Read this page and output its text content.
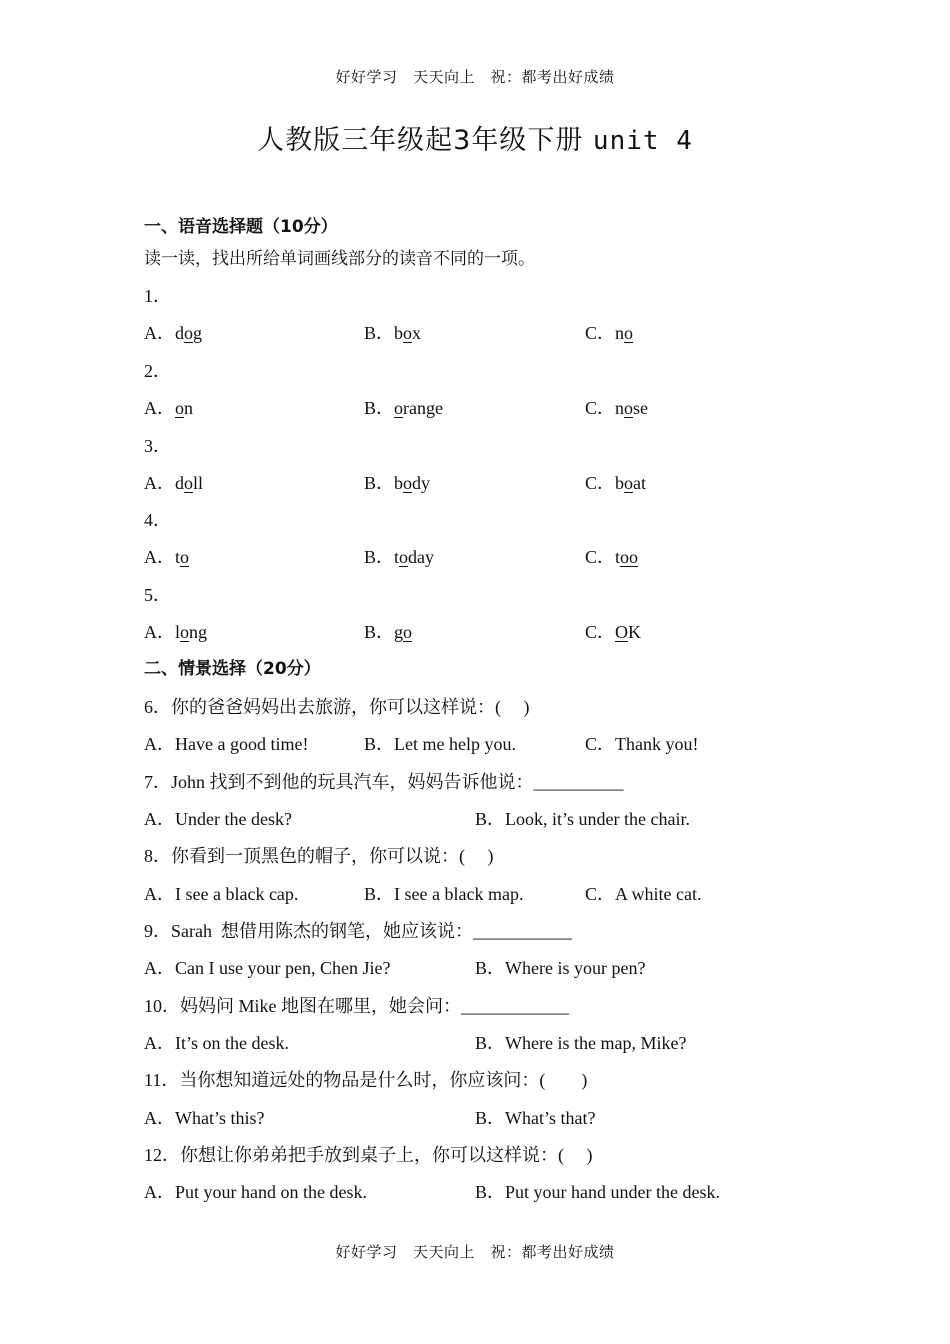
好好学习　天天向上　祝：都考出好成绩
人教版三年级起3年级下册 unit 4
一、语音选择题（10分）
读一读，找出所给单词画线部分的读音不同的一项。
1．
A．dog	B．box	C．no
2．
A．on	B．orange	C．nose
3．
A．doll	B．body	C．boat
4．
A．to	B．today	C．too
5．
A．long	B．go	C．OK
二、情景选择（20分）
6．你的爸爸妈妈出去旅游，你可以这样说：(　 )
A．Have a good time!	B．Let me help you.	C．Thank you!
7．John 找到不到他的玩具汽车，妈妈告诉他说：__________
A．Under the desk?	B．Look, it’s under the chair.
8．你看到一顶黑色的帽子，你可以说：(　 )
A．I see a black cap.	B．I see a black map.	C．A white cat.
9．Sarah  想借用陈杰的钢笔，她应该说：___________
A．Can I use your pen, Chen Jie?	B．Where is your pen?
10．妈妈问 Mike 地图在哪里，她会问：____________
A．It’s on the desk.	B．Where is the map, Mike?
11．当你想知道远处的物品是什么时，你应该问：(　　)
A．What’s this?	B．What’s that?
12．你想让你弟弟把手放到桌子上，你可以这样说：(　 )
A．Put your hand on the desk.	B．Put your hand under the desk.
好好学习　天天向上　祝：都考出好成绩
